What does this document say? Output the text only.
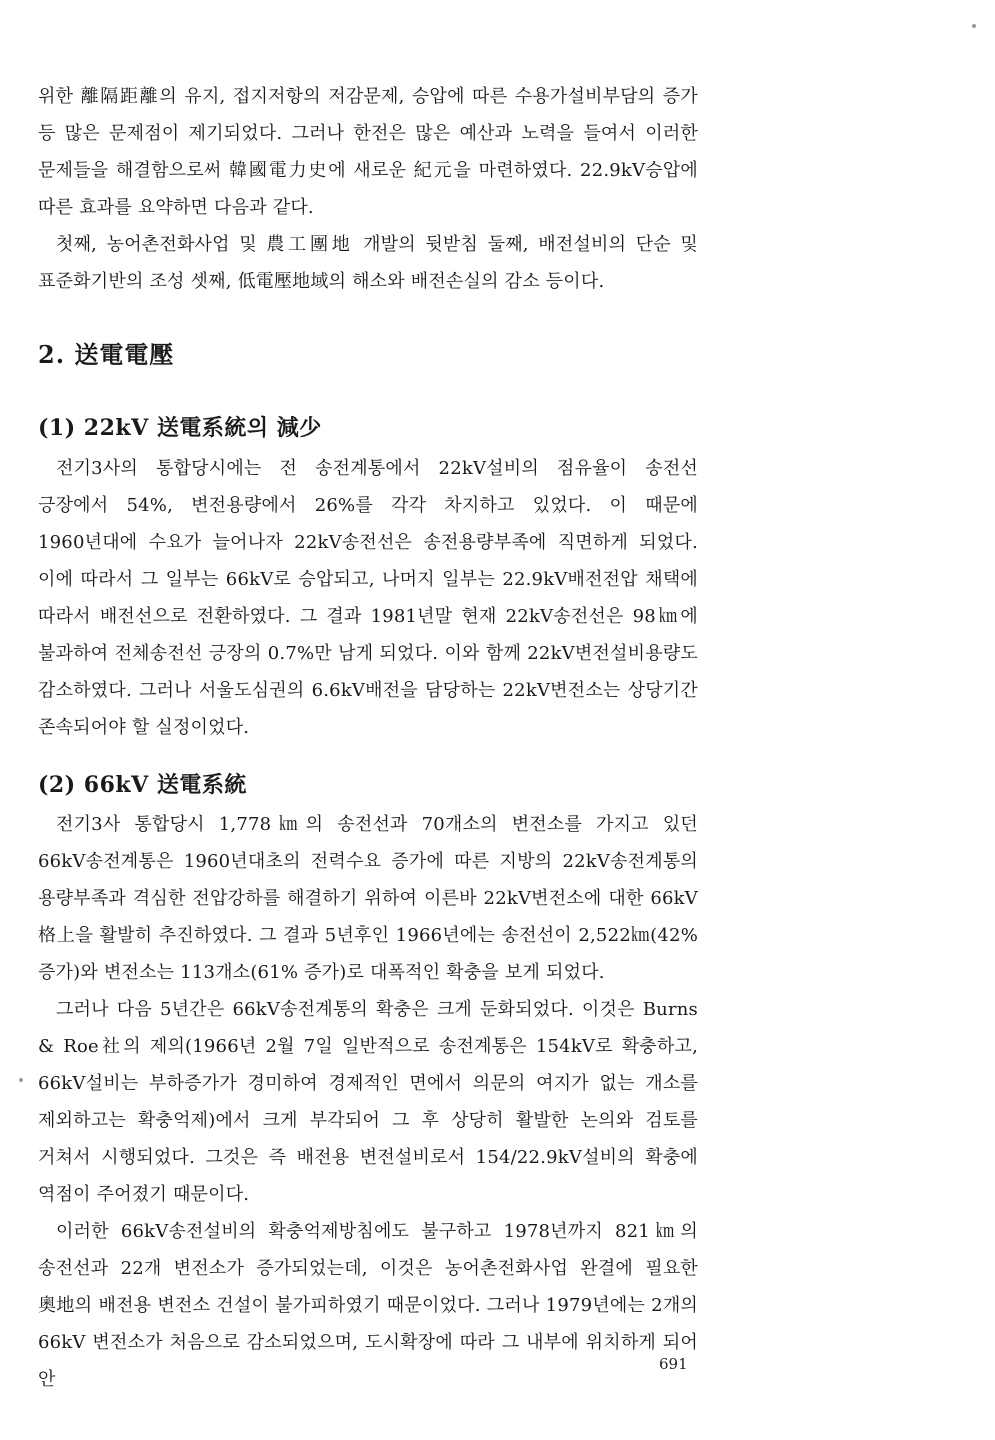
위한 離隔距離의 유지, 접지저항의 저감문제, 승압에 따른 수용가설비부담의 증가 등 많은 문제점이 제기되었다. 그러나 한전은 많은 예산과 노력을 들여서 이러한 문제들을 해결함으로써 韓國電力史에 새로운 紀元을 마련하였다. 22.9kV승압에 따른 효과를 요약하면 다음과 같다.

첫째, 농어촌전화사업 및 農工團地 개발의 뒷받침 둘째, 배전설비의 단순 및 표준화기반의 조성 셋째, 低電壓地域의 해소와 배전손실의 감소 등이다.

2. 送電電壓
(1) 22kV 送電系統의 減少

전기3사의 통합당시에는 전 송전계통에서 22kV설비의 점유율이 송전선 긍장에서 54%, 변전용량에서 26%를 각각 차지하고 있었다. 이 때문에 1960년대에 수요가 늘어나자 22kV송전선은 송전용량부족에 직면하게 되었다. 이에 따라서 그 일부는 66kV로 승압되고, 나머지 일부는 22.9kV배전전압 채택에 따라서 배전선으로 전환하였다. 그 결과 1981년말 현재 22kV송전선은 98㎞에 불과하여 전체송전선 긍장의 0.7%만 남게 되었다. 이와 함께 22kV변전설비용량도 감소하였다. 그러나 서울도심권의 6.6kV배전을 담당하는 22kV변전소는 상당기간 존속되어야 할 실정이었다.

(2) 66kV 送電系統

전기3사 통합당시 1,778㎞의 송전선과 70개소의 변전소를 가지고 있던 66kV송전계통은 1960년대초의 전력수요 증가에 따른 지방의 22kV송전계통의 용량부족과 격심한 전압강하를 해결하기 위하여 이른바 22kV변전소에 대한 66kV 格上을 활발히 추진하였다. 그 결과 5년후인 1966년에는 송전선이 2,522㎞(42% 증가)와 변전소는 113개소(61% 증가)로 대폭적인 확충을 보게 되었다.

그러나 다음 5년간은 66kV송전계통의 확충은 크게 둔화되었다. 이것은 Burns & Roe社의 제의(1966년 2월 7일 일반적으로 송전계통은 154kV로 확충하고, 66kV설비는 부하증가가 경미하여 경제적인 면에서 의문의 여지가 없는 개소를 제외하고는 확충억제)에서 크게 부각되어 그 후 상당히 활발한 논의와 검토를 거쳐서 시행되었다. 그것은 즉 배전용 변전설비로서 154/22.9kV설비의 확충에 역점이 주어졌기 때문이다.

이러한 66kV송전설비의 확충억제방침에도 불구하고 1978년까지 821㎞의 송전선과 22개 변전소가 증가되었는데, 이것은 농어촌전화사업 완결에 필요한 奧地의 배전용 변전소 건설이 불가피하였기 때문이었다. 그러나 1979년에는 2개의 66kV 변전소가 처음으로 감소되었으며, 도시확장에 따라 그 내부에 위치하게 되어 안

691
